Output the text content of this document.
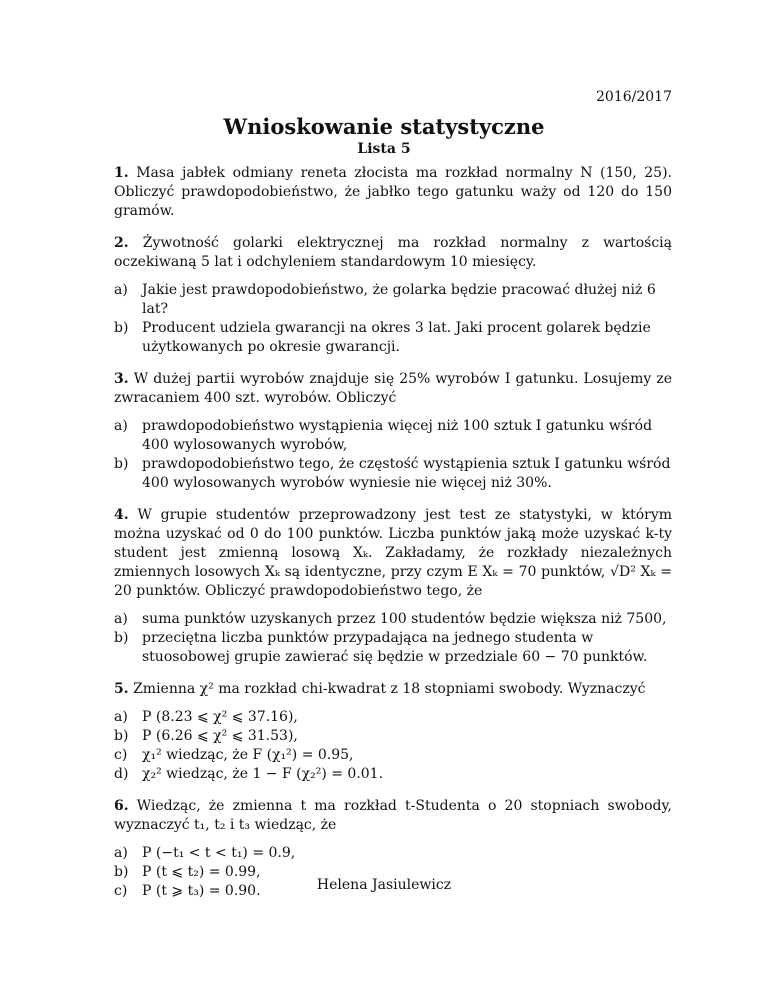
2016/2017
Wnioskowanie statystyczne
Lista 5

1. Masa jabłek odmiany reneta złocista ma rozkład normalny N (150, 25). Obliczyć prawdopodobieństwo, że jabłko tego gatunku waży od 120 do 150 gramów.

2. Żywotność golarki elektrycznej ma rozkład normalny z wartością oczekiwaną 5 lat i odchyleniem standardowym 10 miesięcy.

a) Jakie jest prawdopodobieństwo, że golarka będzie pracować dłużej niż 6 lat?
b) Producent udziela gwarancji na okres 3 lat. Jaki procent golarek będzie użytkowanych po okresie gwarancji.

3. W dużej partii wyrobów znajduje się 25% wyrobów I gatunku. Losujemy ze zwracaniem 400 szt. wyrobów. Obliczyć

a) prawdopodobieństwo wystąpienia więcej niż 100 sztuk I gatunku wśród 400 wylosowanych wyrobów,
b) prawdopodobieństwo tego, że częstość wystąpienia sztuk I gatunku wśród 400 wylosowanych wyrobów wyniesie nie więcej niż 30%.

4. W grupie studentów przeprowadzony jest test ze statystyki, w którym można uzyskać od 0 do 100 punktów. Liczba punktów jaką może uzyskać k-ty student jest zmienną losową Xₖ. Zakładamy, że rozkłady niezależnych zmiennych losowych Xₖ są identyczne, przy czym E Xₖ = 70 punktów, √D² Xₖ = 20 punktów. Obliczyć prawdopodobieństwo tego, że

a) suma punktów uzyskanych przez 100 studentów będzie większa niż 7500,
b) przeciętna liczba punktów przypadająca na jednego studenta w stuosobowej grupie zawierać się będzie w przedziale 60 − 70 punktów.

5. Zmienna χ² ma rozkład chi-kwadrat z 18 stopniami swobody. Wyznaczyć

a) P (8.23 ⩽ χ² ⩽ 37.16),
b) P (6.26 ⩽ χ² ⩽ 31.53),
c) χ₁² wiedząc, że F (χ₁²) = 0.95,
d) χ₂² wiedząc, że 1 − F (χ₂²) = 0.01.

6. Wiedząc, że zmienna t ma rozkład t-Studenta o 20 stopniach swobody, wyznaczyć t₁, t₂ i t₃ wiedząc, że

a) P (−t₁ < t < t₁) = 0.9,
b) P (t ⩽ t₂) = 0.99,
c) P (t ⩾ t₃) = 0.90.	Helena Jasiulewicz
